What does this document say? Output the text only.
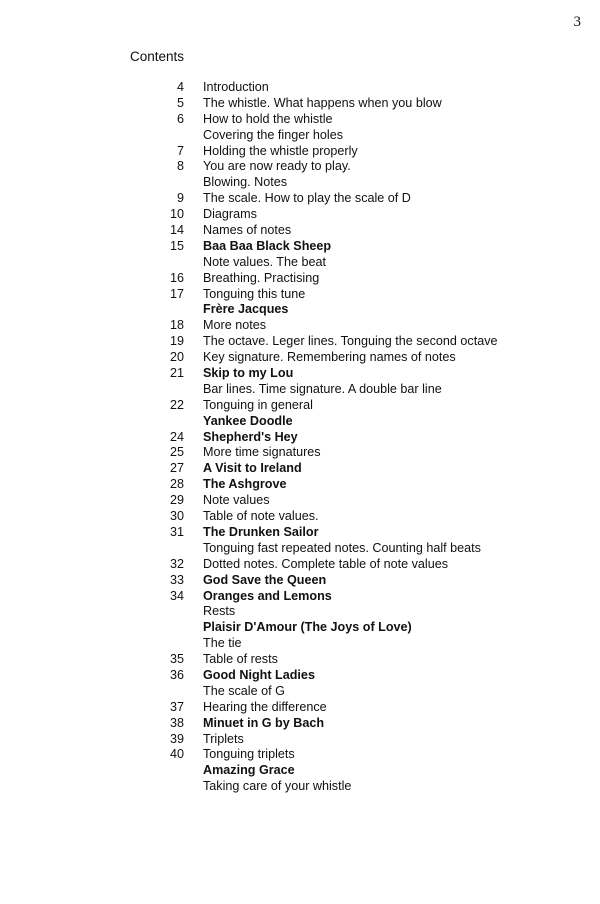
3
Contents
4 Introduction
5 The whistle. What happens when you blow
6 How to hold the whistle
Covering the finger holes
7 Holding the whistle properly
8 You are now ready to play.
Blowing. Notes
9 The scale. How to play the scale of D
10 Diagrams
14 Names of notes
15 Baa Baa Black Sheep
Note values. The beat
16 Breathing. Practising
17 Tonguing this tune
Frère Jacques
18 More notes
19 The octave. Leger lines. Tonguing the second octave
20 Key signature. Remembering names of notes
21 Skip to my Lou
Bar lines. Time signature. A double bar line
22 Tonguing in general
Yankee Doodle
24 Shepherd's Hey
25 More time signatures
27 A Visit to Ireland
28 The Ashgrove
29 Note values
30 Table of note values.
31 The Drunken Sailor
Tonguing fast repeated notes. Counting half beats
32 Dotted notes. Complete table of note values
33 God Save the Queen
34 Oranges and Lemons
Rests
Plaisir D'Amour (The Joys of Love)
The tie
35 Table of rests
36 Good Night Ladies
The scale of G
37 Hearing the difference
38 Minuet in G by Bach
39 Triplets
40 Tonguing triplets
Amazing Grace
Taking care of your whistle
